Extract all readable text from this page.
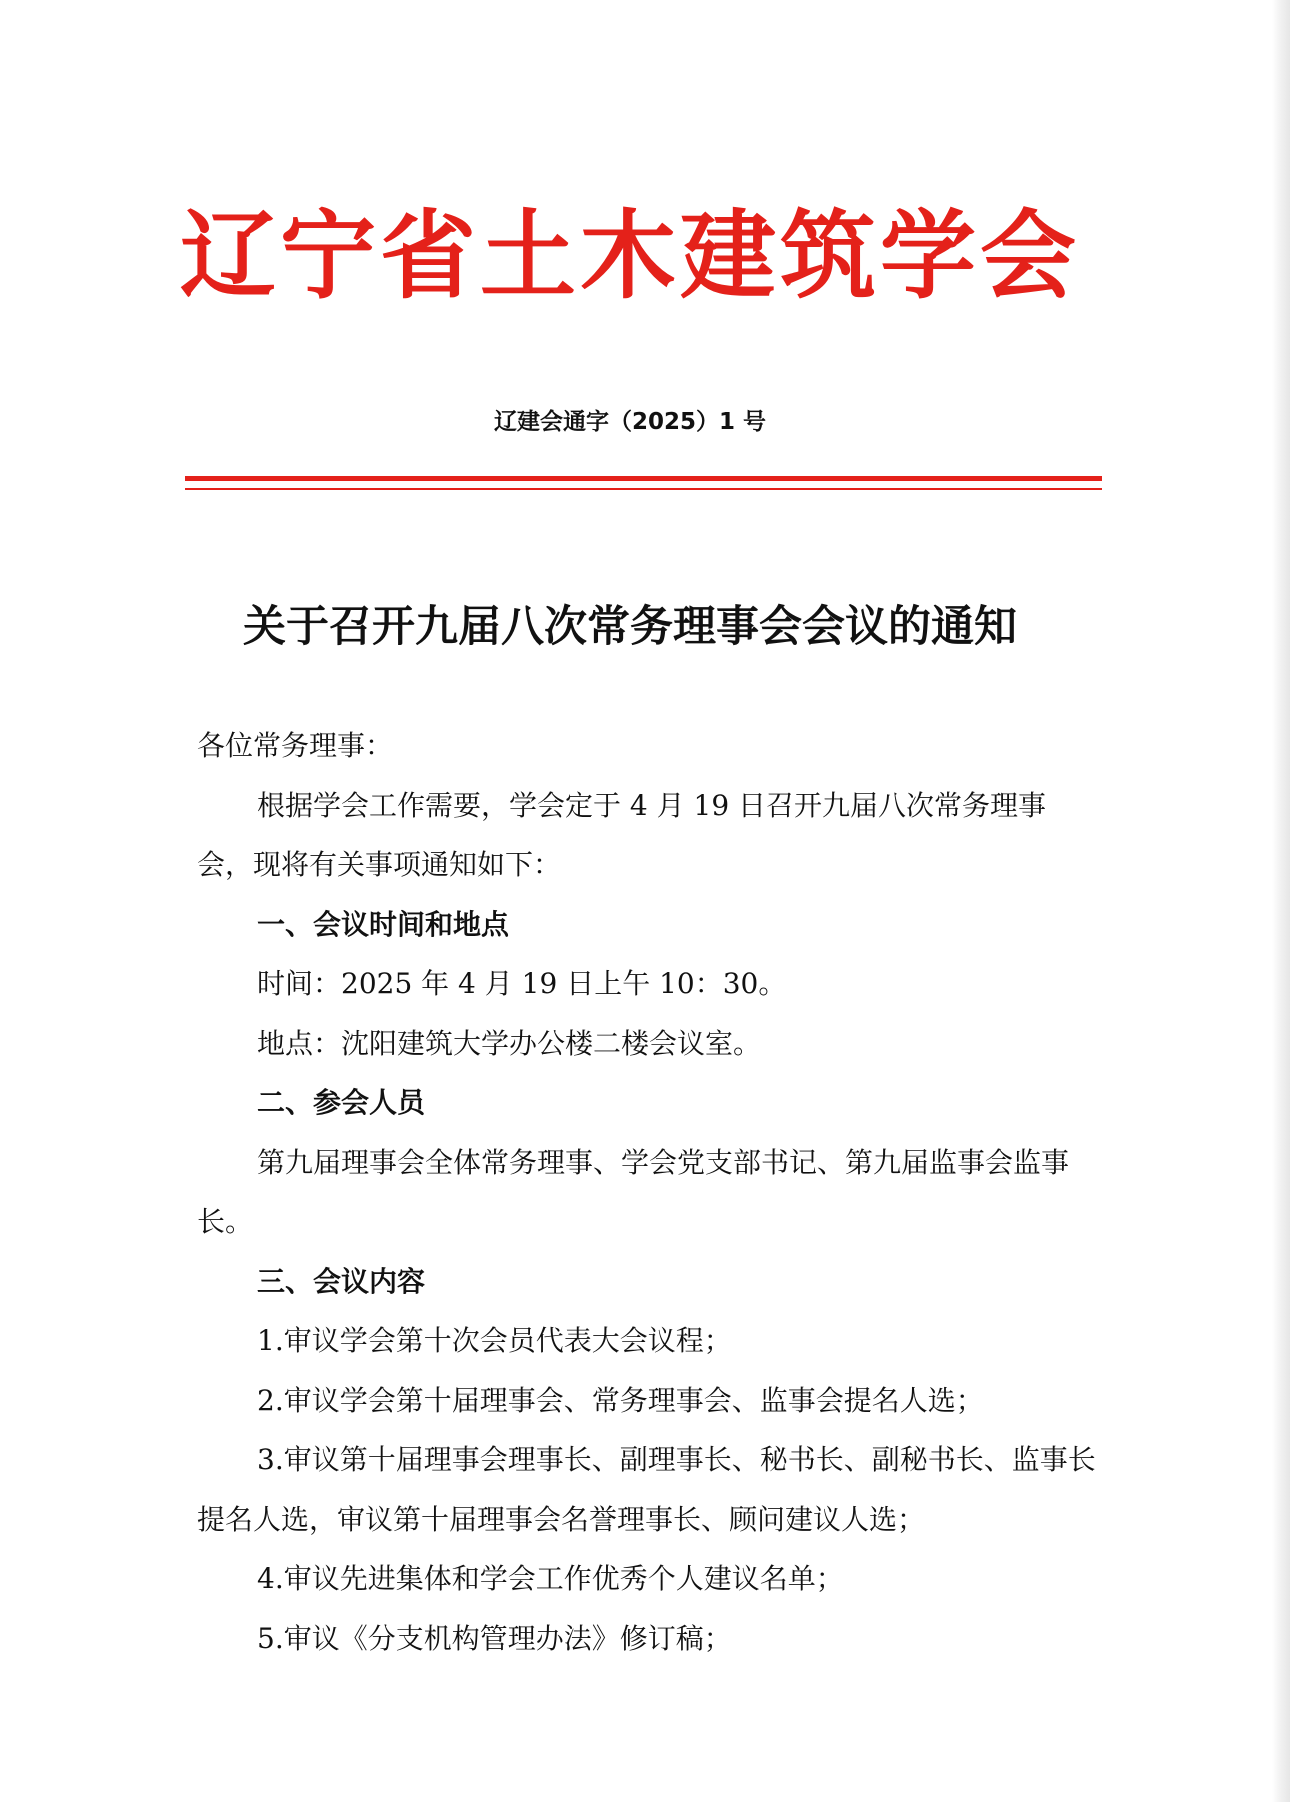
辽宁省土木建筑学会
辽建会通字（2025）1 号
关于召开九届八次常务理事会会议的通知

各位常务理事：

根据学会工作需要，学会定于 4 月 19 日召开九届八次常务理事会，现将有关事项通知如下：

一、会议时间和地点

时间：2025 年 4 月 19 日上午 10：30。

地点：沈阳建筑大学办公楼二楼会议室。

二、参会人员

第九届理事会全体常务理事、学会党支部书记、第九届监事会监事长。

三、会议内容

1.审议学会第十次会员代表大会议程；

2.审议学会第十届理事会、常务理事会、监事会提名人选；

3.审议第十届理事会理事长、副理事长、秘书长、副秘书长、监事长提名人选，审议第十届理事会名誉理事长、顾问建议人选；

4.审议先进集体和学会工作优秀个人建议名单；

5.审议《分支机构管理办法》修订稿；
